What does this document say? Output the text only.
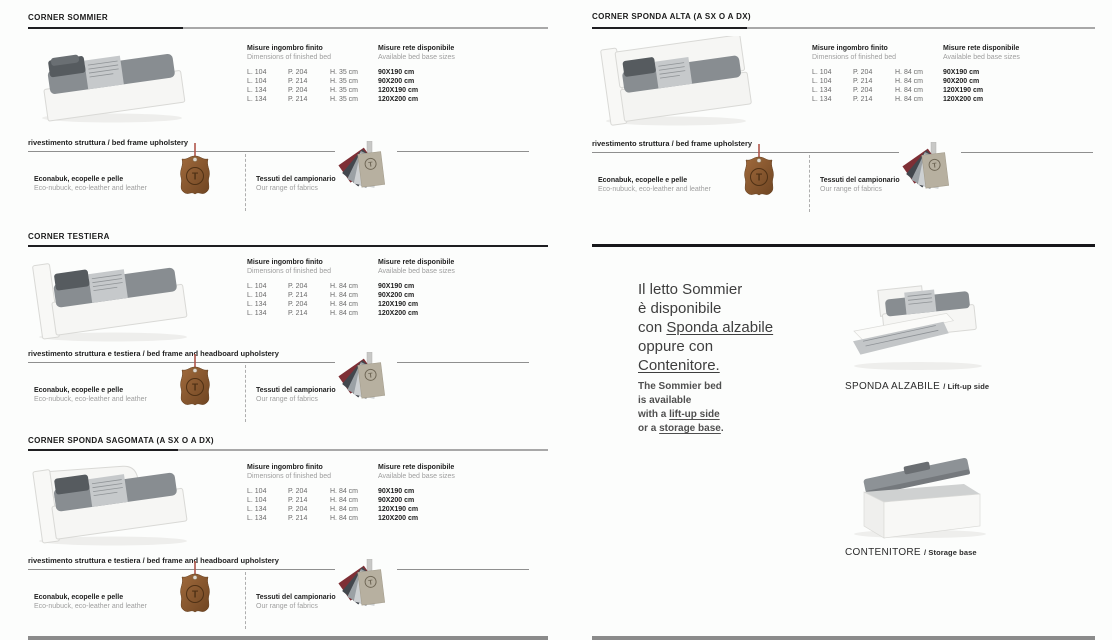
CORNER SOMMIER
Misure ingombro finito
Dimensions of finished bed
Misure rete disponibile
Available bed base sizes
L. 104	P. 204	H. 35 cm	90X190 cm
L. 104	P. 214	H. 35 cm	90X200 cm
L. 134	P. 204	H. 35 cm	120X190 cm
L. 134	P. 214	H. 35 cm	120X200 cm
rivestimento struttura / bed frame upholstery
Econabuk, ecopelle e pelle
Eco-nubuck, eco-leather and leather
T	Tessuti del campionario
Our range of fabrics
T
CORNER TESTIERA
Misure ingombro finito
Dimensions of finished bed
Misure rete disponibile
Available bed base sizes
L. 104	P. 204	H. 84 cm	90X190 cm
L. 104	P. 214	H. 84 cm	90X200 cm
L. 134	P. 204	H. 84 cm	120X190 cm
L. 134	P. 214	H. 84 cm	120X200 cm
rivestimento struttura e testiera / bed frame and headboard upholstery
Econabuk, ecopelle e pelle
Eco-nubuck, eco-leather and leather
T	Tessuti del campionario
Our range of fabrics
T
CORNER SPONDA SAGOMATA (A SX O A DX)
Misure ingombro finito
Dimensions of finished bed
Misure rete disponibile
Available bed base sizes
L. 104	P. 204	H. 84 cm	90X190 cm
L. 104	P. 214	H. 84 cm	90X200 cm
L. 134	P. 204	H. 84 cm	120X190 cm
L. 134	P. 214	H. 84 cm	120X200 cm
rivestimento struttura e testiera / bed frame and headboard upholstery
Econabuk, ecopelle e pelle
Eco-nubuck, eco-leather and leather
T	Tessuti del campionario
Our range of fabrics
T
CORNER SPONDA ALTA (A SX O A DX)
Misure ingombro finito
Dimensions of finished bed
Misure rete disponibile
Available bed base sizes
L. 104	P. 204	H. 84 cm	90X190 cm
L. 104	P. 214	H. 84 cm	90X200 cm
L. 134	P. 204	H. 84 cm	120X190 cm
L. 134	P. 214	H. 84 cm	120X200 cm
rivestimento struttura / bed frame upholstery
Econabuk, ecopelle e pelle
Eco-nubuck, eco-leather and leather
T	Tessuti del campionario
Our range of fabrics
T
Il letto Sommier
è disponibile
con Sponda alzabile
oppure con
Contenitore.
The Sommier bed
is available
with a lift-up side
or a storage base.
SPONDA ALZABILE / Lift-up side
CONTENITORE / Storage base
